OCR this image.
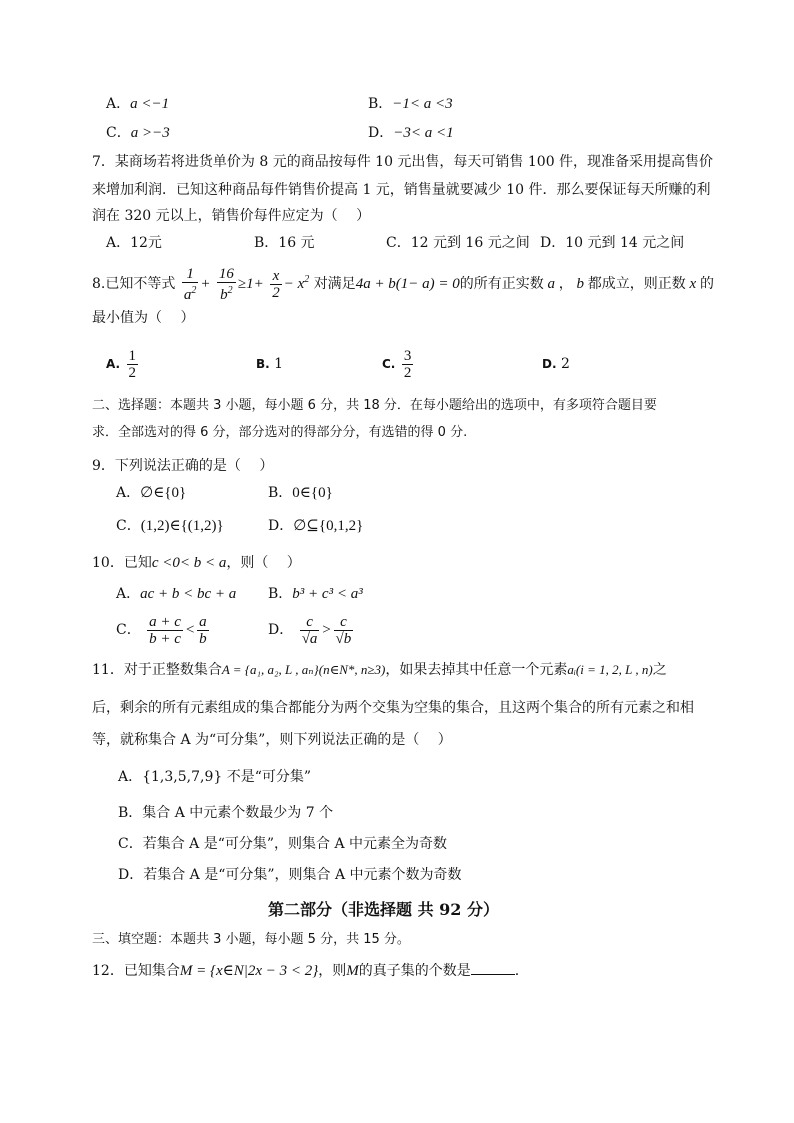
A．a <−1	B．−1< a <3
C．a >−3	D．−3< a <1
7．某商场若将进货单价为 8 元的商品按每件 10 元出售，每天可销售 100 件，现准备采用提高售价
来增加利润．已知这种商品每件销售价提高 1 元，销售量就要减少 10 件．那么要保证每天所赚的利
润在 320 元以上，销售价每件应定为（　 ）
A．12元	B．16 元	C．12 元到 16 元之间 D．10 元到 14 元之间
8.已知不等式 $\frac{1}{a^2} + \frac{16}{b^2} \ge 1+ \frac{x}{2} - x^2$ 对满足4a + b(1− a) = 0的所有正实数 a ， b 都成立，则正数 x 的
最小值为（　 ）
A. $\frac{1}{2}$	B. 1	C. $\frac{3}{2}$	D. 2
二、选择题：本题共 3 小题，每小题 6 分，共 18 分．在每小题给出的选项中，有多项符合题目要
求．全部选对的得 6 分，部分选对的得部分分，有选错的得 0 分.
9．下列说法正确的是（　 ）
A．∅∈{0}	B．0∈{0}
C．(1,2)∈{(1,2)}	D．∅⊆{0,1,2}
10．已知c <0< b < a，则（　 ）
A．ac + b < bc + a B．b³ + c³ < a³
C． $\frac{a + c}{b + c} < \frac{a}{b}$	D． $\frac{c}{√a} > \frac{c}{√b}$
11．对于正整数集合A = {a₁, a₂, L , aₙ}(n∈N*, n≥3)，如果去掉其中任意一个元素aᵢ(i = 1, 2, L , n)之
后，剩余的所有元素组成的集合都能分为两个交集为空集的集合，且这两个集合的所有元素之和相
等，就称集合 A 为“可分集”，则下列说法正确的是（　 ）
A．{1,3,5,7,9} 不是“可分集”
B．集合 A 中元素个数最少为 7 个
C．若集合 A 是“可分集”，则集合 A 中元素全为奇数
D．若集合 A 是“可分集”，则集合 A 中元素个数为奇数
第二部分（非选择题 共 92 分）
三、填空题：本题共 3 小题，每小题 5 分，共 15 分。
12．已知集合M = {x∈N|2x − 3 < 2}，则M的真子集的个数是	.
